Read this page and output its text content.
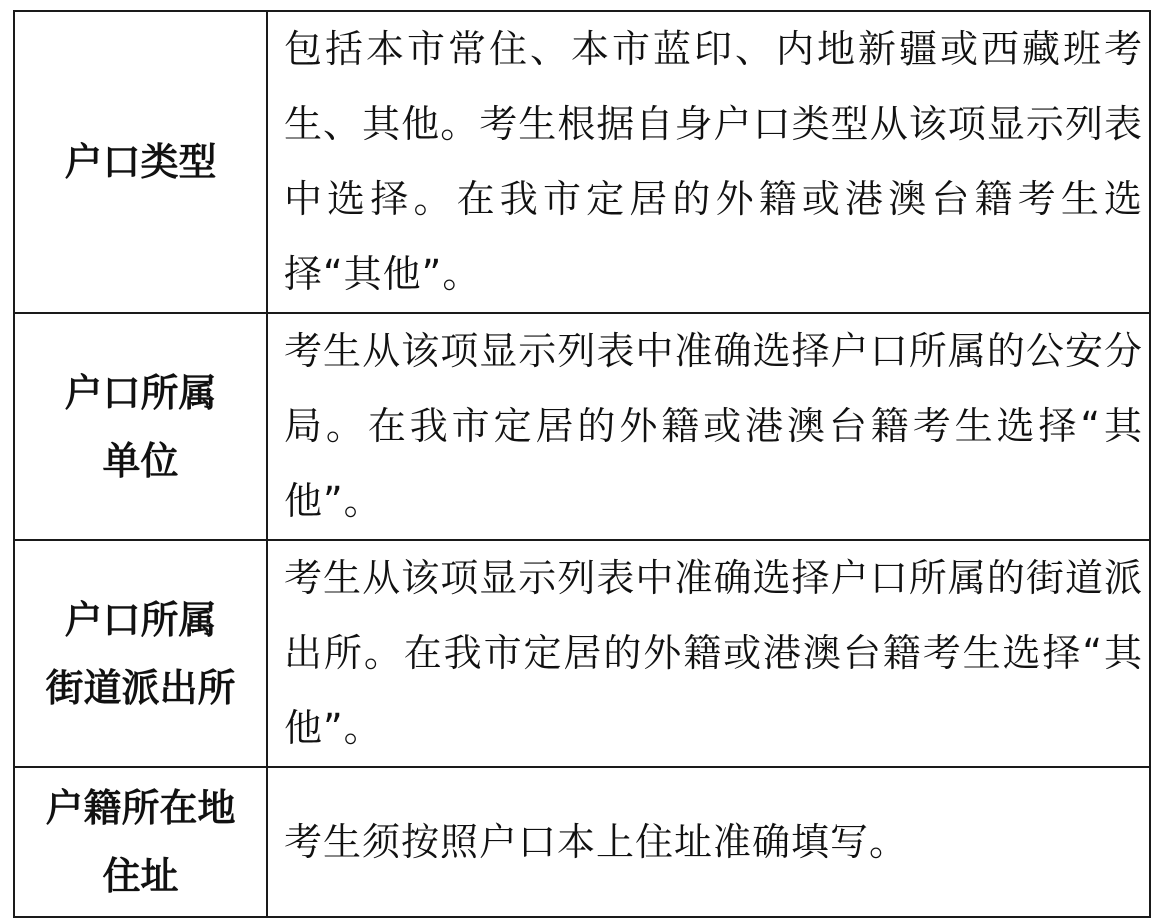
户口类型	包括本市常住、本市蓝印、内地新疆或西藏班考生、其他。考生根据自身户口类型从该项显示列表中选择。在我市定居的外籍或港澳台籍考生选择“其他”。

户口所属
单位	考生从该项显示列表中准确选择户口所属的公安分局。在我市定居的外籍或港澳台籍考生选择“其他”。

户口所属
街道派出所	考生从该项显示列表中准确选择户口所属的街道派出所。在我市定居的外籍或港澳台籍考生选择“其他”。

户籍所在地
住址	考生须按照户口本上住址准确填写。
